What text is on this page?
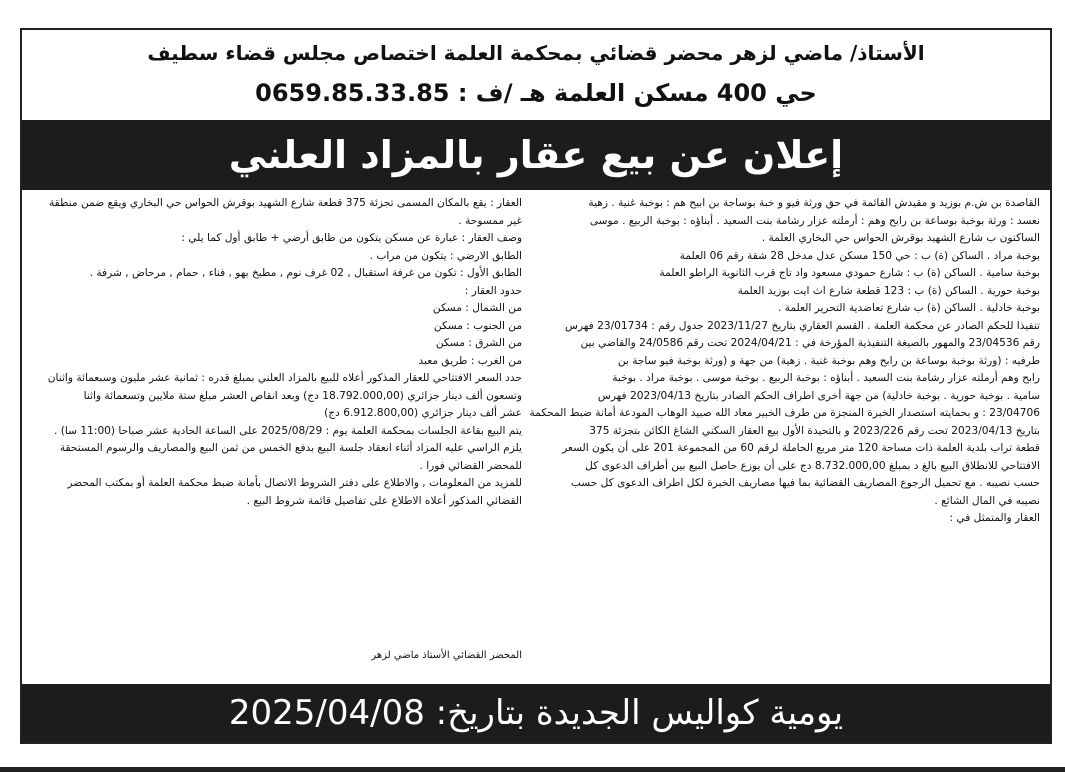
الأستاذ/ ماضي لزهر محضر قضائي بمحكمة العلمة اختصاص مجلس قضاء سطيف
حي 400 مسكن العلمة هـ /ف : 0659.85.33.85
إعلان عن بيع عقار بالمزاد العلني

القاصدة بن ش.م بوزيد و مقيدش القائمة في حق ورثة فيو و خبة بوساجة بن ابيح هم : بوخبة غنية . زهية

نعسد : ورثة بوخبة بوساعة بن رابح وهم : أرملته عزار رشامة بنت السعيد . أبناؤه : بوخبة الربيع . موسى

الساكنون ب شارع الشهيد بوقرش الحواس حي البخاري العلمة .

بوخبة مراد . الساكن (ة) ب : حي 150 مسكن عدل مدخل 28 شقة رقم 06 العلمة

بوخبة سامية . الساكن (ة) ب : شارع حمودي مسعود واد تاج قرب الثانوية الراطو العلمة

بوخبة حورية . الساكن (ة) ب : 123 قطعة شارع اث ايت بوزيد العلمة

بوخبة خادلية . الساكن (ة) ب شارع تعاضدية التحرير العلمة .

تنفيذا للحكم الصادر عن محكمة العلمة . القسم العقاري بتاريخ 2023/11/27 جدول رقم : 23/01734 فهرس

رقم 23/04536 والمهور بالصيغة التنفيذية المؤرخة في : 2024/04/21 تحت رقم 24/0586 والقاضي بين

طرفيه : (ورثة بوخبة بوساعة بن رابح وهم بوخبة غنية . زهية) من جهة و (ورثة بوخبة فيو ساجة بن

رابح وهم أرملته عزار رشامة بنت السعيد . أبناؤه : بوخبة الربيع . بوخبة موسى . بوخبة مراد . بوخبة

سامية . بوخبة حورية . بوخبة خادلية) من جهة أخرى اطراف الحكم الصادر بتاريخ 2023/04/13 فهرس

23/04706 : و بحمايته استصدار الخبرة المنجزة من طرف الخبير معاد الله صبيد الوهاب المودعة أمانة ضبط المحكمة

بتاريخ 2023/04/13 تحت رقم 2023/226 و بالتحيدة الأول بيع العقار السكني الشاغ الكائن بتجزئة 375

قطعة تراب بلدية العلمة ذات مساحة 120 متر مربع الحاملة لرقم 60 من المجموعة 201 على أن يكون السعر

الافتتاحي للانطلاق البيع بالغ د بمبلغ 8.732.000,00 دج على أن يوزع حاصل البيع بين أطراف الدعوى كل

حسب نصيبه . مع تحميل الرجوع المصاريف القضائية بما فيها مصاريف الخبرة لكل اطراف الدعوى كل حسب

نصيبه في المال الشائع .

العقار والمتمثل في :

العقار : يقع بالمكان المسمى تجزئة 375 قطعة شارع الشهيد بوقرش الحواس حي البخاري ويقع ضمن منطقة

غير ممسوحة .

وصف العقار : عبارة عن مسكن يتكون من طابق أرضي + طابق أول كما يلي :

الطابق الارضي : يتكون من مراب .

الطابق الأول : تكون من غرفة استقبال , 02 غرف نوم , مطبخ بهو , فناء , حمام , مرحاض , شرفة .

حدود العقار :

من الشمال : مسكن

من الجنوب : مسكن

من الشرق : مسكن

من الغرب : طريق معبد

حدد السعر الافتتاحي للعقار المذكور أعلاه للبيع بالمزاد العلني بمبلغ قدره : ثمانية عشر مليون وسبعمائة واثنان

وتسعون ألف دينار جزائري (18.792.000,00 دج) وبعد انقاص العشر مبلغ ستة ملايين وتسعمائة واثنا

عشر ألف دينار جزائري (6.912.800,00 دج)

يتم البيع بقاعة الجلسات بمحكمة العلمة يوم : 2025/08/29 على الساعة الحادية عشر صباحا (11:00 سا) .

يلزم الراسي عليه المزاد أثناء انعقاد جلسة البيع بدفع الخمس من ثمن البيع والمصاريف والرسوم المستحقة

للمحضر القضائي فورا .

للمزيد من المعلومات , والاطلاع على دفتر الشروط الاتصال بأمانة ضبط محكمة العلمة أو بمكتب المحضر

القضائي المذكور أعلاه الاطلاع على تفاصيل قائمة شروط البيع .

المحضر القضائي الأستاذ ماضي لزهر

يومية كواليس الجديدة بتاريخ: 2025/04/08
